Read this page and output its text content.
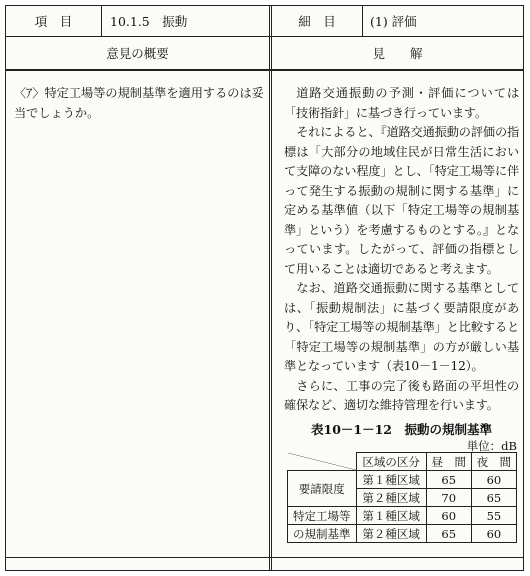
項　目	10.1.5　振動	細　目	(1) 評価
意見の概要	見　　解
〈ｱ〉特定工場等の規制基準を適用するのは妥当でしょうか。

道路交通振動の予測・評価については「技術指針」に基づき行っています。

それによると、『道路交通振動の評価の指標は「大部分の地域住民が日常生活において支障のない程度」とし、「特定工場等に伴って発生する振動の規制に関する基準」に定める基準値（以下「特定工場等の規制基準」という）を考慮するものとする。』となっています。したがって、評価の指標として用いることは適切であると考えます。

なお、道路交通振動に関する基準としては、「振動規制法」に基づく要請限度があり、「特定工場等の規制基準」と比較すると「特定工場等の規制基準」の方が厳しい基準となっています（表10－1－12）。

さらに、工事の完了後も路面の平坦性の確保など、適切な維持管理を行います。

表10－1－12　振動の規制基準
単位：dB
	区域の区分	昼　間	夜　間
要請限度	第１種区域	65	60
	第２種区域	70	65
特定工場等	第１種区域	60	55
の規制基準	第２種区域	65	60
